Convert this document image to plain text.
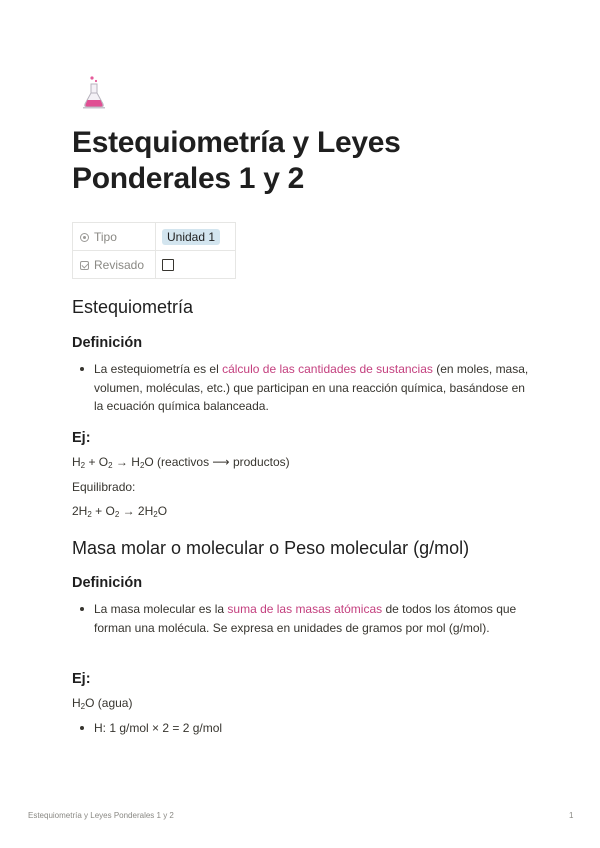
Estequiometría y Leyes Ponderales 1 y 2
Tipo	Unidad 1
Revisado	
Estequiometría
Definición
La estequiometría es el cálculo de las cantidades de sustancias (en moles, masa, volumen, moléculas, etc.) que participan en una reacción química, basándose en la ecuación química balanceada.
Ej:
$H_2 + O_2 \to H_2O$ (reactivos ⟶ productos)
Equilibrado:
$2H_2 + O_2 \to 2H_2O$
Masa molar o molecular o Peso molecular (g/mol)
Definición
La masa molecular es la suma de las masas atómicas de todos los átomos que forman una molécula. Se expresa en unidades de gramos por mol (g/mol).
Ej:
$H_2O$ (agua)
H: 1 g/mol × 2 = 2 g/mol
Estequiometría y Leyes Ponderales 1 y 2	1
